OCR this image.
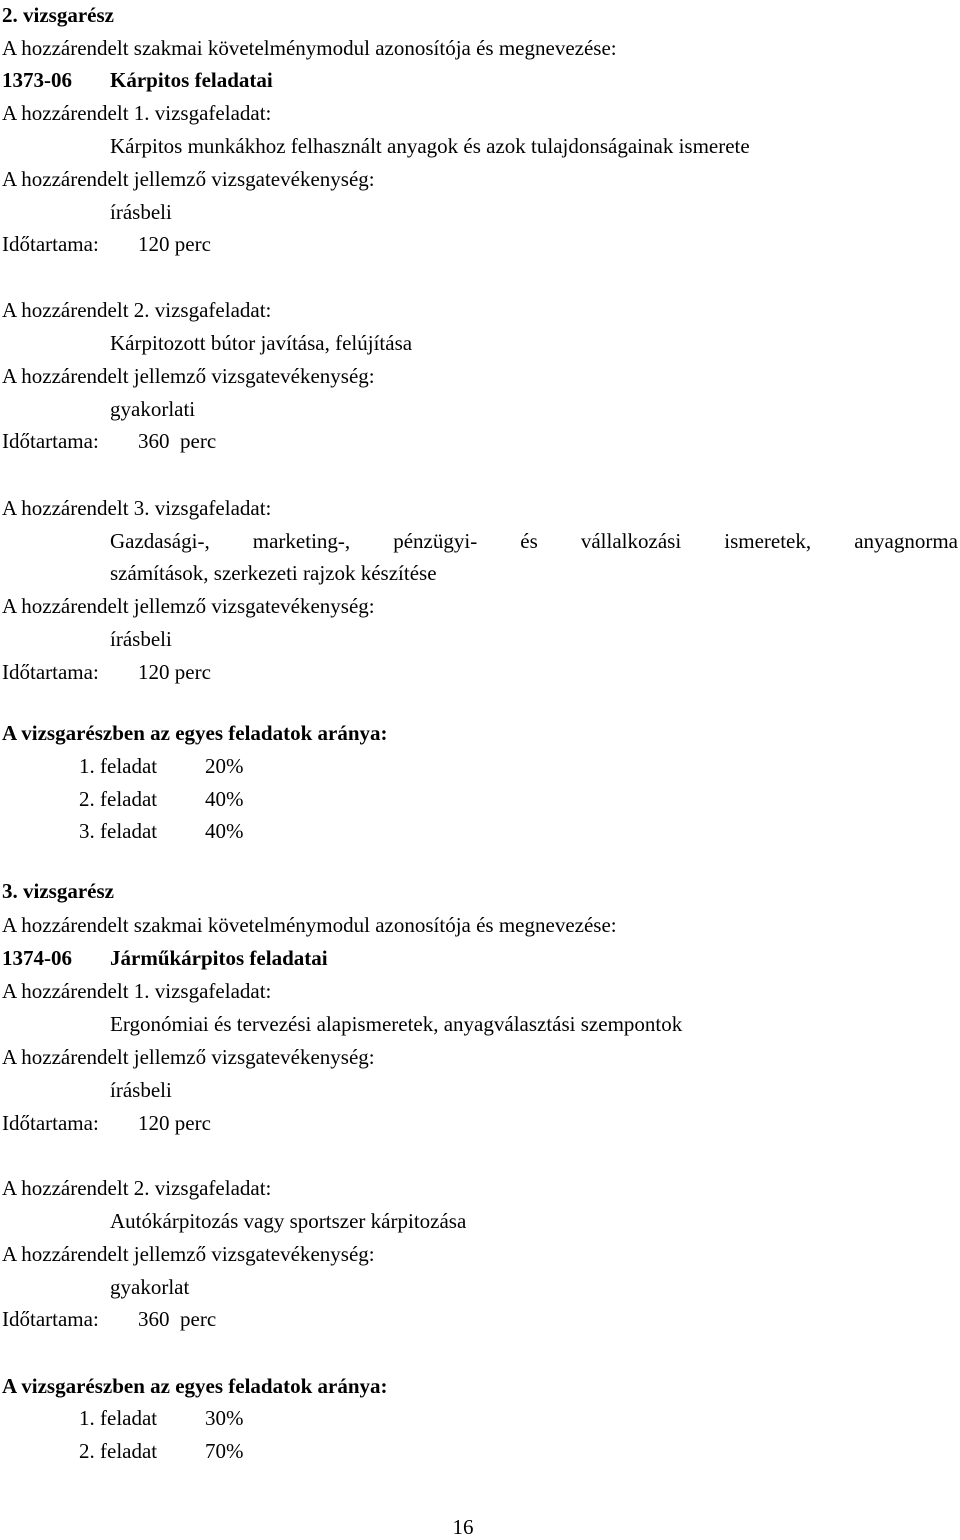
2. vizsgarész
A hozzárendelt szakmai követelménymodul azonosítója és megnevezése:
1373-06 Kárpitos feladatai
A hozzárendelt 1. vizsgafeladat:
Kárpitos munkákhoz felhasznált anyagok és azok tulajdonságainak ismerete
A hozzárendelt jellemző vizsgatevékenység:
írásbeli
Időtartama: 120 perc
A hozzárendelt 2. vizsgafeladat:
Kárpitozott bútor javítása, felújítása
A hozzárendelt jellemző vizsgatevékenység:
gyakorlati
Időtartama: 360  perc
A hozzárendelt 3. vizsgafeladat:
Gazdasági-, marketing-, pénzügyi- és vállalkozási ismeretek, anyagnorma
számítások, szerkezeti rajzok készítése
A hozzárendelt jellemző vizsgatevékenység:
írásbeli
Időtartama: 120 perc
A vizsgarészben az egyes feladatok aránya:
1. feladat 20%
2. feladat 40%
3. feladat 40%
3. vizsgarész
A hozzárendelt szakmai követelménymodul azonosítója és megnevezése:
1374-06 Járműkárpitos feladatai
A hozzárendelt 1. vizsgafeladat:
Ergonómiai és tervezési alapismeretek, anyagválasztási szempontok
A hozzárendelt jellemző vizsgatevékenység:
írásbeli
Időtartama: 120 perc
A hozzárendelt 2. vizsgafeladat:
Autókárpitozás vagy sportszer kárpitozása
A hozzárendelt jellemző vizsgatevékenység:
gyakorlat
Időtartama: 360  perc
A vizsgarészben az egyes feladatok aránya:
1. feladat 30%
2. feladat 70%
16
